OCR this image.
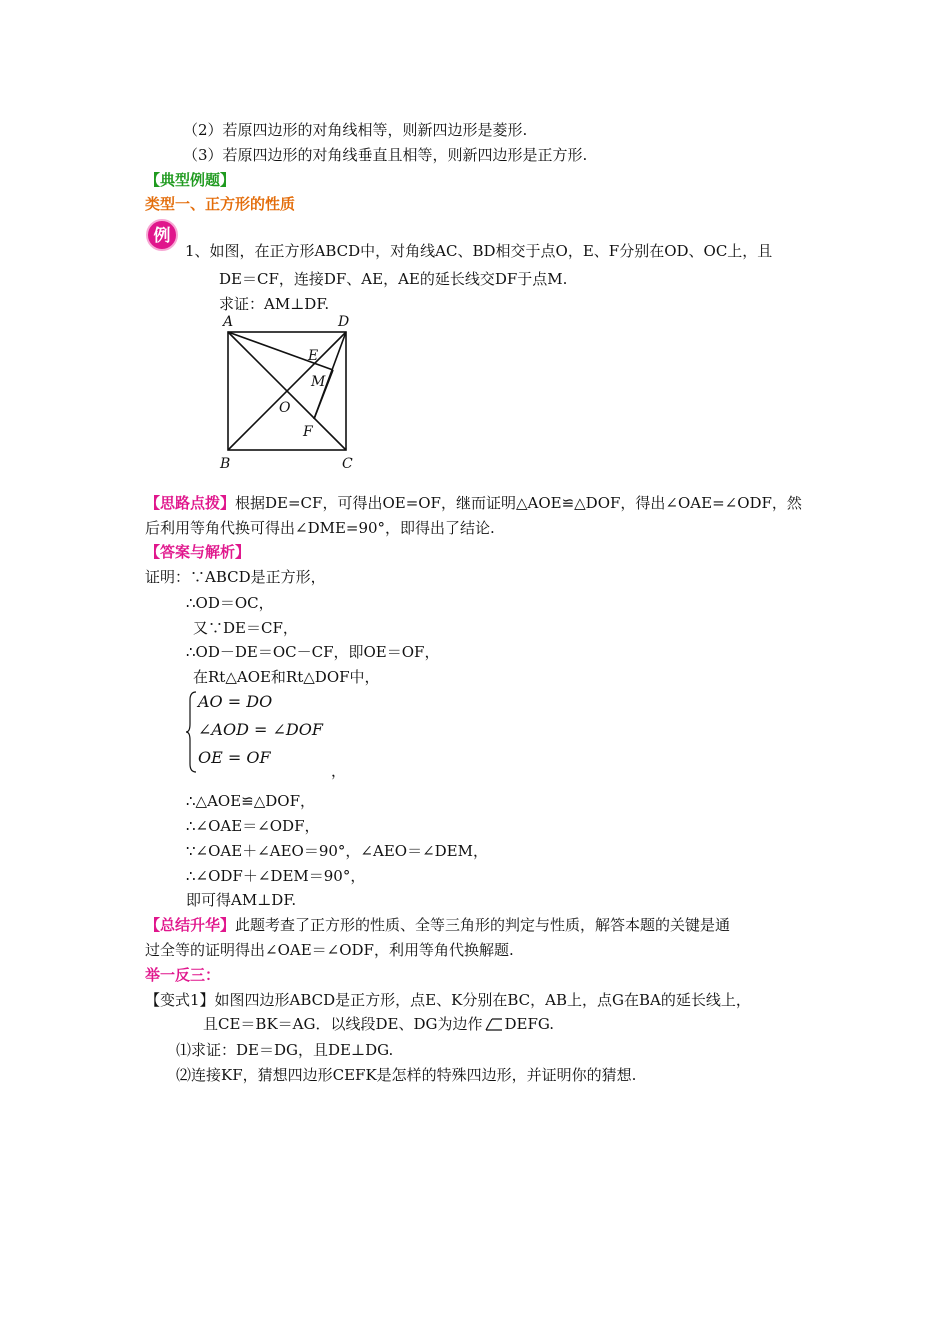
（2）若原四边形的对角线相等，则新四边形是菱形.
（3）若原四边形的对角线垂直且相等，则新四边形是正方形.
【典型例题】
类型一、正方形的性质
例
1、如图，在正方形ABCD中，对角线AC、BD相交于点O，E、F分别在OD、OC上，且
DE＝CF，连接DF、AE，AE的延长线交DF于点M.
求证：AM⊥DF.
A	D
E
M
O
F
B	C
【思路点拨】根据DE=CF，可得出OE=OF，继而证明△AOE≌△DOF，得出∠OAE=∠ODF，然
后利用等角代换可得出∠DME=90°，即得出了结论.
【答案与解析】
证明：∵ABCD是正方形，
∴OD＝OC，
又∵DE＝CF，
∴OD－DE＝OC－CF，即OE＝OF，
在Rt△AOE和Rt△DOF中，
AO = DO
∠AOD = ∠DOF
OE = OF
，
∴△AOE≌△DOF，
∴∠OAE＝∠ODF，
∵∠OAE＋∠AEO＝90°，∠AEO＝∠DEM，
∴∠ODF＋∠DEM＝90°，
即可得AM⊥DF.
【总结升华】此题考查了正方形的性质、全等三角形的判定与性质，解答本题的关键是通
过全等的证明得出∠OAE＝∠ODF，利用等角代换解题.
举一反三：
【变式1】如图四边形ABCD是正方形，点E、K分别在BC，AB上，点G在BA的延长线上，
且CE＝BK＝AG．以线段DE、DG为边作 DEFG.
⑴求证：DE＝DG，且DE⊥DG.
⑵连接KF，猜想四边形CEFK是怎样的特殊四边形，并证明你的猜想.
